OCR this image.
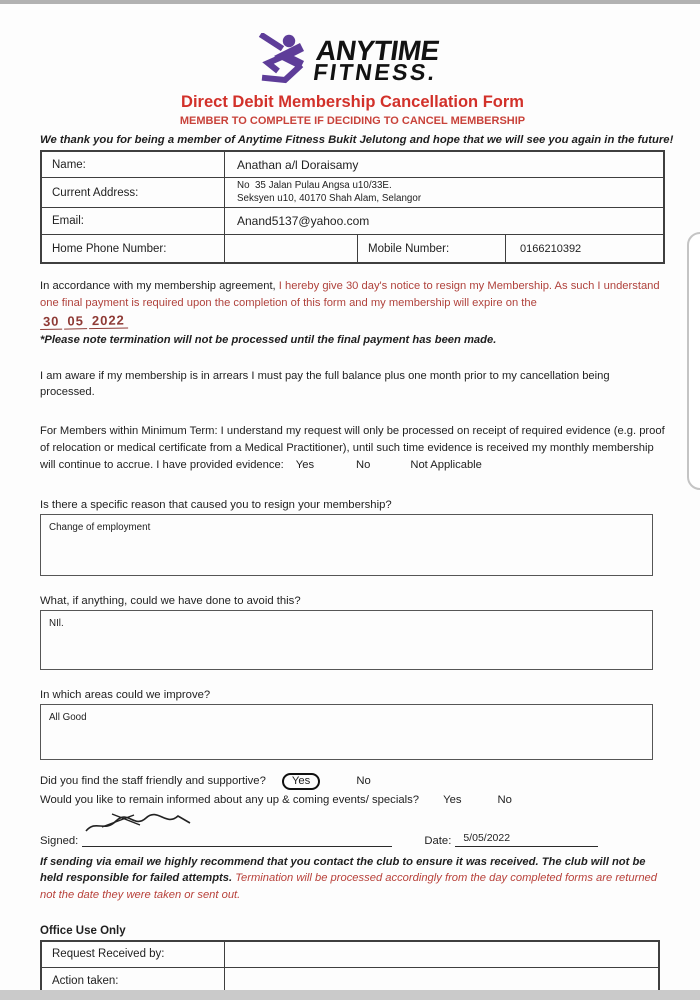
ANYTIME
FITNESS.
Direct Debit Membership Cancellation Form
MEMBER TO COMPLETE IF DECIDING TO CANCEL MEMBERSHIP
We thank you for being a member of Anytime Fitness Bukit Jelutong and hope that we will see you again in the future!
Name:	Anathan a/l Doraisamy
Current Address:
No  35 Jalan Pulau Angsa u10/33E.
Seksyen u10, 40170 Shah Alam, Selangor
Email:	Anand5137@yahoo.com
Home Phone Number:	Mobile Number:	0166210392

In accordance with my membership agreement, I hereby give 30 day's notice to resign my Membership. As such I understand one final payment is required upon the completion of this form and my membership will expire on the

30 05 2022

*Please note termination will not be processed until the final payment has been made.

I am aware if my membership is in arrears I must pay the full balance plus one month prior to my cancellation being processed.

For Members within Minimum Term: I understand my request will only be processed on receipt of required evidence (e.g. proof of relocation or medical certificate from a Medical Practitioner), until such time evidence is received my monthly membership will continue to accrue. I have provided evidence: Yes	No	Not Applicable

Is there a specific reason that caused you to resign your membership?
Change of employment
What, if anything, could we have done to avoid this?
NIl.
In which areas could we improve?
All Good
Did you find the staff friendly and supportive? Yes	No
Would you like to remain informed about any up & coming events/ specials? Yes	No
Signed:	Date:	5/05/2022

If sending via email we highly recommend that you contact the club to ensure it was received. The club will not be held responsible for failed attempts. Termination will be processed accordingly from the day completed forms are returned not the date they were taken or sent out.

Office Use Only
Request Received by:
Action taken:
